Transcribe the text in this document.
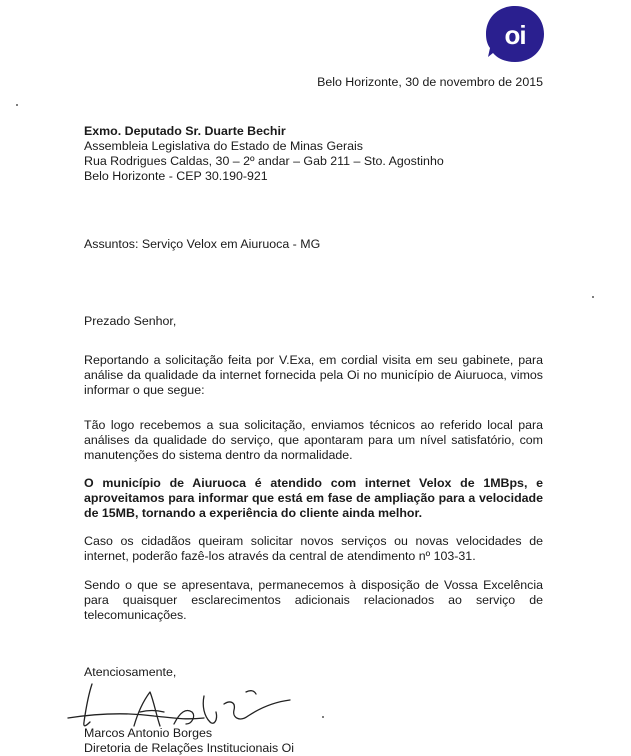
oi
Belo Horizonte, 30 de novembro de 2015
Exmo. Deputado Sr. Duarte Bechir
Assembleia Legislativa do Estado de Minas Gerais
Rua Rodrigues Caldas, 30 – 2º andar – Gab 211 – Sto. Agostinho
Belo Horizonte - CEP 30.190-921
Assuntos: Serviço Velox em Aiuruoca - MG
Prezado Senhor,
Reportando a solicitação feita por V.Exa, em cordial visita em seu gabinete, para análise da qualidade da internet fornecida pela Oi no município de Aiuruoca, vimos informar o que segue:
Tão logo recebemos a sua solicitação, enviamos técnicos ao referido local para análises da qualidade do serviço, que apontaram para um nível satisfatório, com manutenções do sistema dentro da normalidade.
O município de Aiuruoca é atendido com internet Velox de 1MBps, e aproveitamos para informar que está em fase de ampliação para a velocidade de 15MB, tornando a experiência do cliente ainda melhor.
Caso os cidadãos queiram solicitar novos serviços ou novas velocidades de internet, poderão fazê-los através da central de atendimento nº 103-31.
Sendo o que se apresentava, permanecemos à disposição de Vossa Excelência para quaisquer esclarecimentos adicionais relacionados ao serviço de telecomunicações.
Atenciosamente,
Marcos Antonio Borges
Diretoria de Relações Institucionais Oi
